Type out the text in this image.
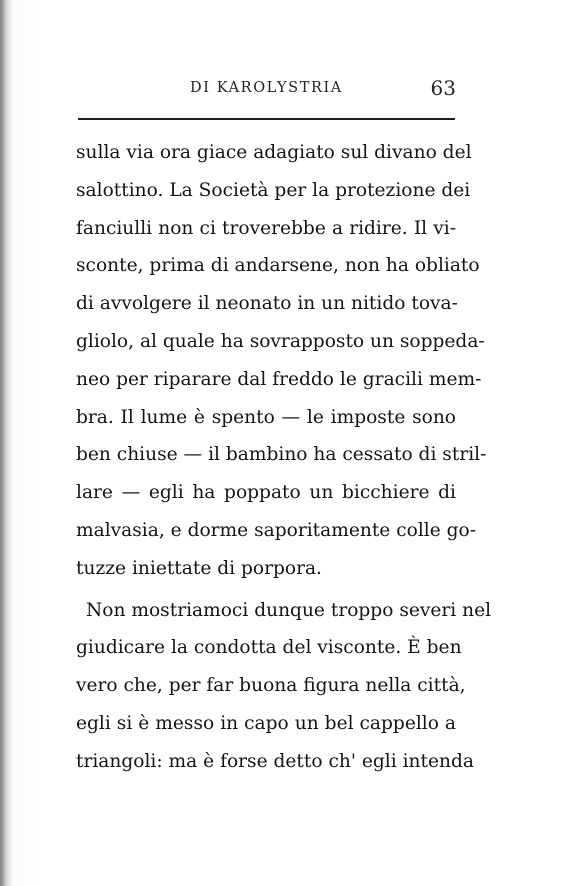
DI KAROLYSTRIA	63
sulla via ora giace adagiato sul divano del
salottino. La Società per la protezione dei
fanciulli non ci troverebbe a ridire. Il vi-
sconte, prima di andarsene, non ha obliato
di avvolgere il neonato in un nitido tova-
gliolo, al quale ha sovrapposto un soppeda-
neo per riparare dal freddo le gracili mem-
bra. Il lume è spento — le imposte sono
ben chiuse — il bambino ha cessato di stril-
lare — egli ha poppato un bicchiere di
malvasia, e dorme saporitamente colle go-
tuzze iniettate di porpora.
Non mostriamoci dunque troppo severi nel
giudicare la condotta del visconte. È ben
vero che, per far buona figura nella città,
egli si è messo in capo un bel cappello a
triangoli: ma è forse detto ch' egli intenda
